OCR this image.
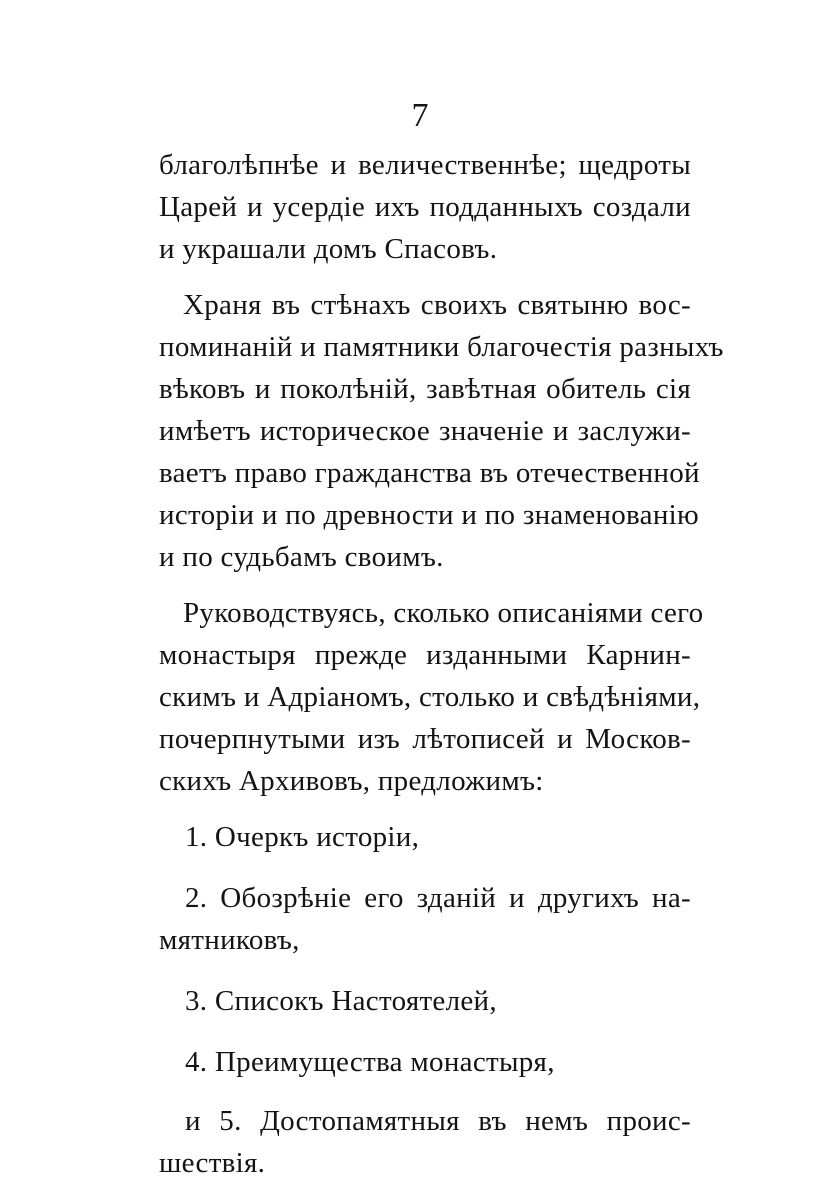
7

благолѣпнѣе и величественнѣе; щедроты
Царей и усердіе ихъ подданныхъ создали
и украшали домъ Спасовъ.

Храня въ стѣнахъ своихъ святыню вос-
поминаній и памятники благочестія разныхъ
вѣковъ и поколѣній, завѣтная обитель сія
имѣетъ историческое значеніе и заслужи-
ваетъ право гражданства въ отечественной
исторіи и по древности и по знаменованію
и по судьбамъ своимъ.

Руководствуясь, сколько описаніями сего
монастыря прежде изданными Карнин-
скимъ и Адріаномъ, столько и свѣдѣніями,
почерпнутыми изъ лѣтописей и Москов-
скихъ Архивовъ, предложимъ:

1. Очеркъ исторіи,
2. Обозрѣніе его зданій и другихъ на-
мятниковъ,
3. Списокъ Настоятелей,
4. Преимущества монастыря,
и 5. Достопамятныя въ немъ проис-
шествія.
